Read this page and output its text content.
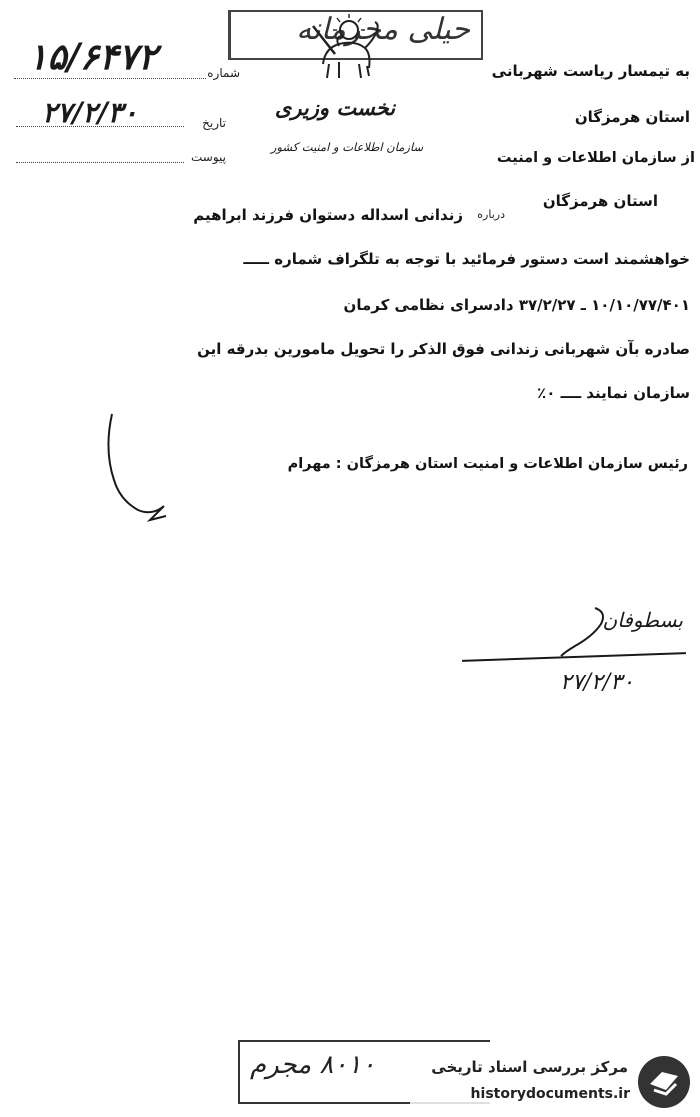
حیلی محرمانه
نخست وزیری
سازمان اطلاعات و امنیت کشور
۱۵/۶۴۷۲	شماره
۲۷/۲/۳۰	تاریخ
پیوست
به تیمسار ریاست شهربانی
استان هرمزگان
از سازمان اطلاعات و امنیت
استان هرمزگان
درباره
زندانی اسداله دستوان فرزند ابراهیم
خواهشمند است دستور فرمائید با توجه به تلگراف شماره ـــــ
۱۰/۱۰/۷۷/۴۰۱ ـ ۳۷/۲/۲۷ دادسرای نظامی کرمان
صادره بآن شهربانی زندانی فوق الذکر را تحویل مامورین بدرقه این
سازمان نمایند ــــ ۰٪
رئیس سازمان اطلاعات و امنیت استان هرمزگان : مهرام
بسطوفان
۲۷/۲/۳۰
۸۰۱۰ مجرم	مرکز بررسی اسناد تاریخی
historydocuments.ir
